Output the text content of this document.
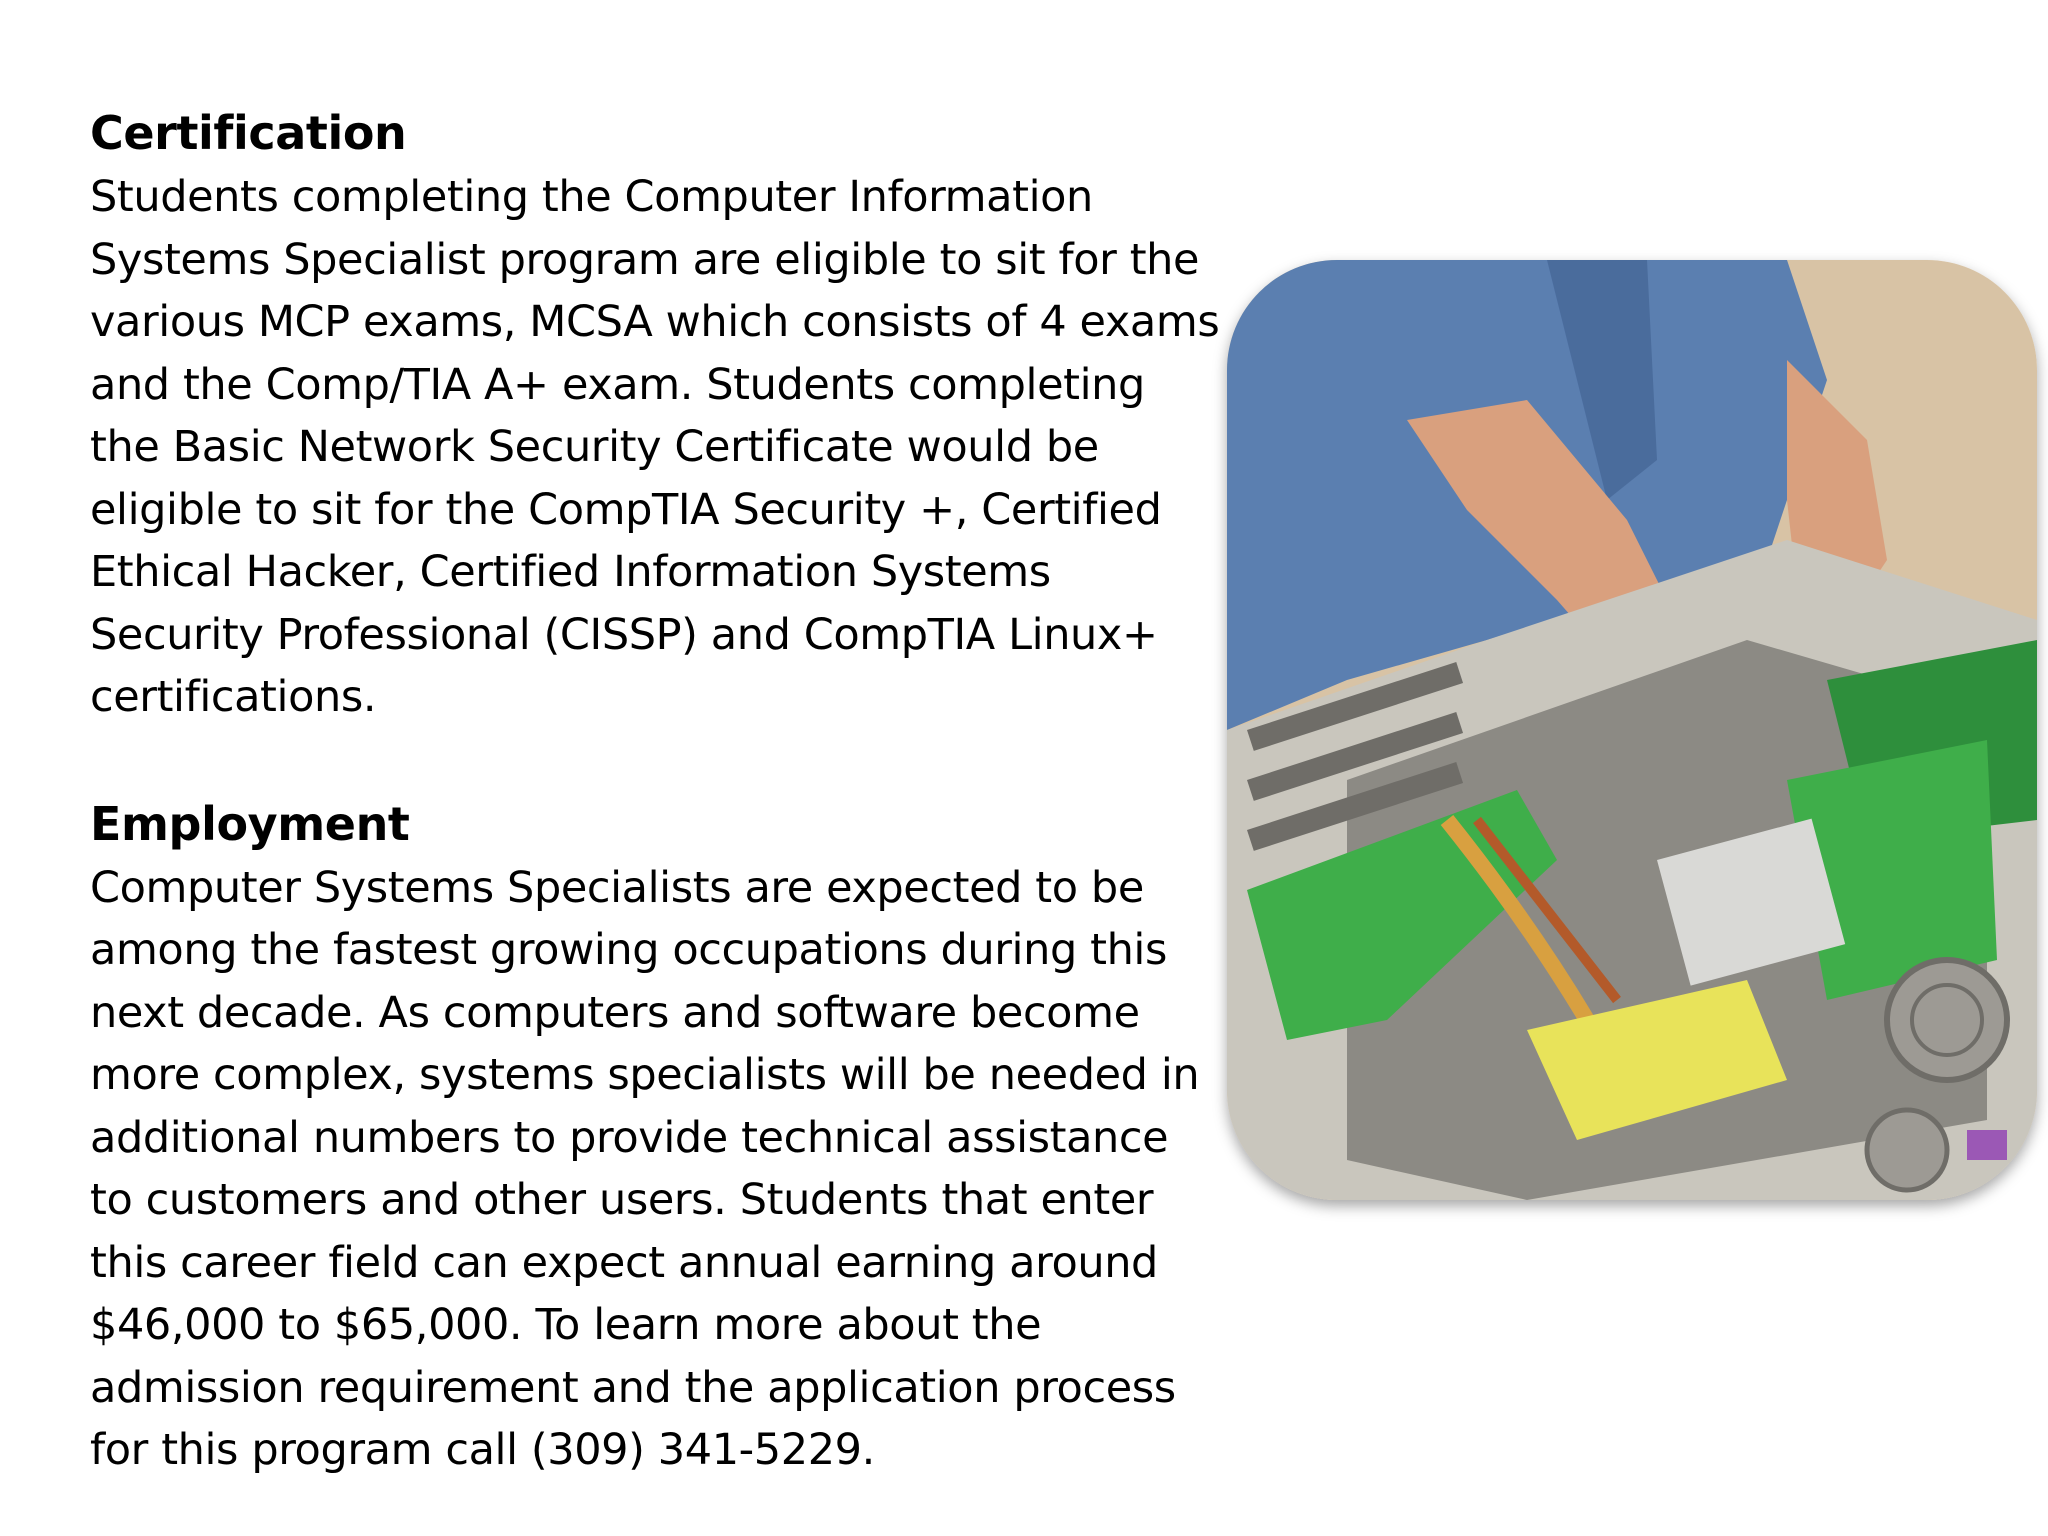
Certification
Students completing the Computer Information
Systems Specialist program are eligible to sit for the
various MCP exams, MCSA which consists of 4 exams
and the Comp/TIA A+ exam. Students completing
the Basic Network Security Certificate would be
eligible to sit for the CompTIA Security +, Certified
Ethical Hacker, Certified Information Systems
Security Professional (CISSP) and CompTIA Linux+
certifications.
Employment
Computer Systems Specialists are expected to be
among the fastest growing occupations during this
next decade. As computers and software become
more complex, systems specialists will be needed in
additional numbers to provide technical assistance
to customers and other users. Students that enter
this career field can expect annual earning around
$46,000 to $65,000. To learn more about the
admission requirement and the application process
for this program call (309) 341-5229.
